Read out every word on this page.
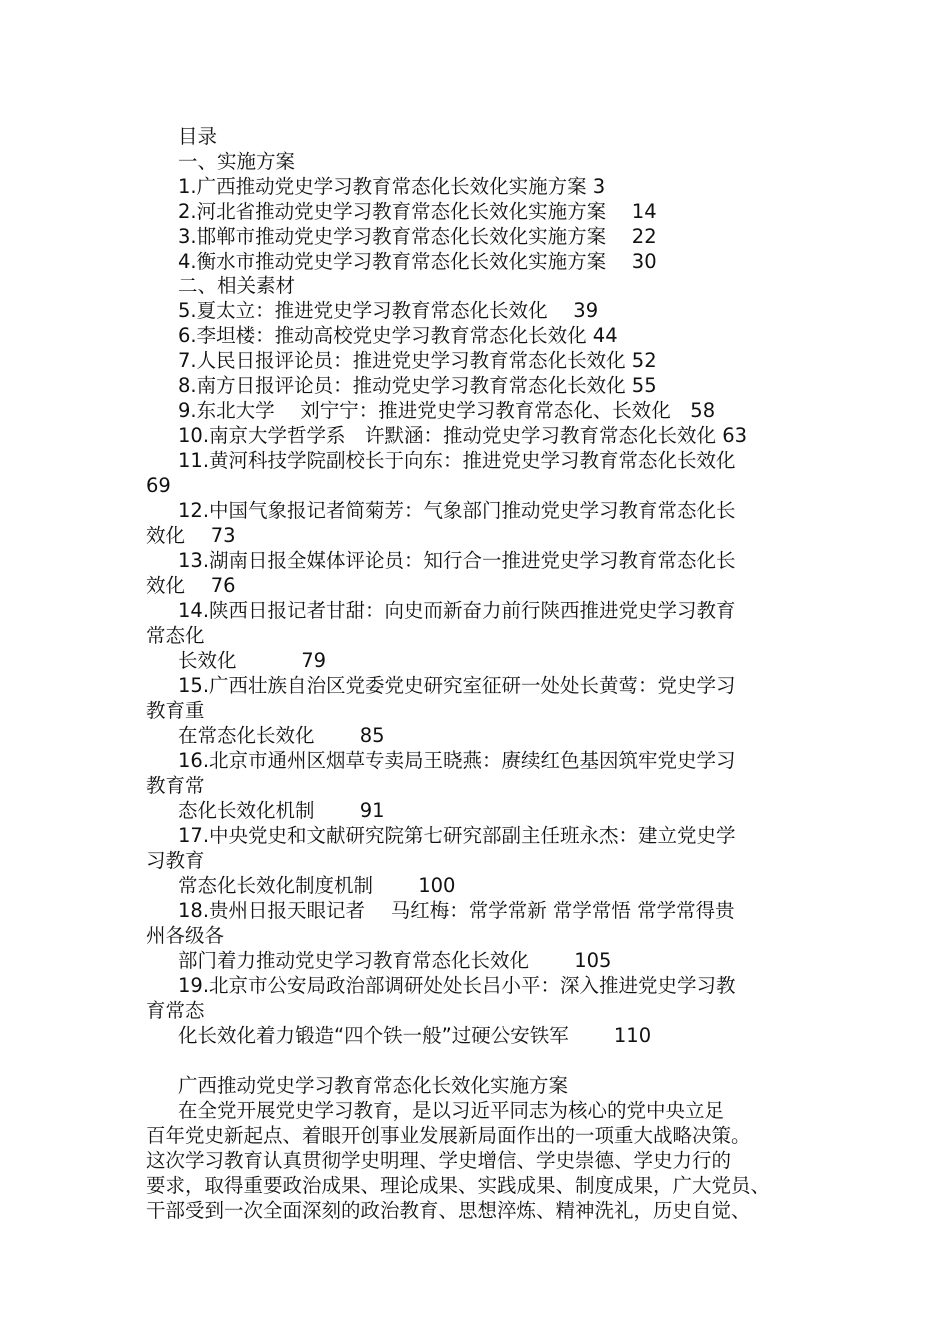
目录
一、实施方案
1.广西推动党史学习教育常态化长效化实施方案 3
2.河北省推动党史学习教育常态化长效化实施方案　 14
3.邯郸市推动党史学习教育常态化长效化实施方案　 22
4.衡水市推动党史学习教育常态化长效化实施方案　 30
二、相关素材
5.夏太立：推进党史学习教育常态化长效化　 39
6.李坦楼：推动高校党史学习教育常态化长效化 44
7.人民日报评论员：推进党史学习教育常态化长效化 52
8.南方日报评论员：推动党史学习教育常态化长效化 55
9.东北大学　 刘宁宁：推进党史学习教育常态化、长效化　58
10.南京大学哲学系　许默涵：推动党史学习教育常态化长效化 63
11.黄河科技学院副校长于向东：推进党史学习教育常态化长效化
69
12.中国气象报记者简菊芳：气象部门推动党史学习教育常态化长
效化　 73
13.湖南日报全媒体评论员：知行合一推进党史学习教育常态化长
效化　 76
14.陕西日报记者甘甜：向史而新奋力前行陕西推进党史学习教育
常态化
长效化　　　 79
15.广西壮族自治区党委党史研究室征研一处处长黄莺：党史学习
教育重
在常态化长效化　　 85
16.北京市通州区烟草专卖局王晓燕：赓续红色基因筑牢党史学习
教育常
态化长效化机制　　 91
17.中央党史和文献研究院第七研究部副主任班永杰：建立党史学
习教育
常态化长效化制度机制　　 100
18.贵州日报天眼记者　 马红梅：常学常新 常学常悟 常学常得贵
州各级各
部门着力推动党史学习教育常态化长效化　　 105
19.北京市公安局政治部调研处处长吕小平：深入推进党史学习教
育常态
化长效化着力锻造“四个铁一般”过硬公安铁军　　 110
广西推动党史学习教育常态化长效化实施方案
在全党开展党史学习教育，是以习近平同志为核心的党中央立足
百年党史新起点、着眼开创事业发展新局面作出的一项重大战略决策。
这次学习教育认真贯彻学史明理、学史增信、学史崇德、学史力行的
要求，取得重要政治成果、理论成果、实践成果、制度成果，广大党员、
干部受到一次全面深刻的政治教育、思想淬炼、精神洗礼，历史自觉、
